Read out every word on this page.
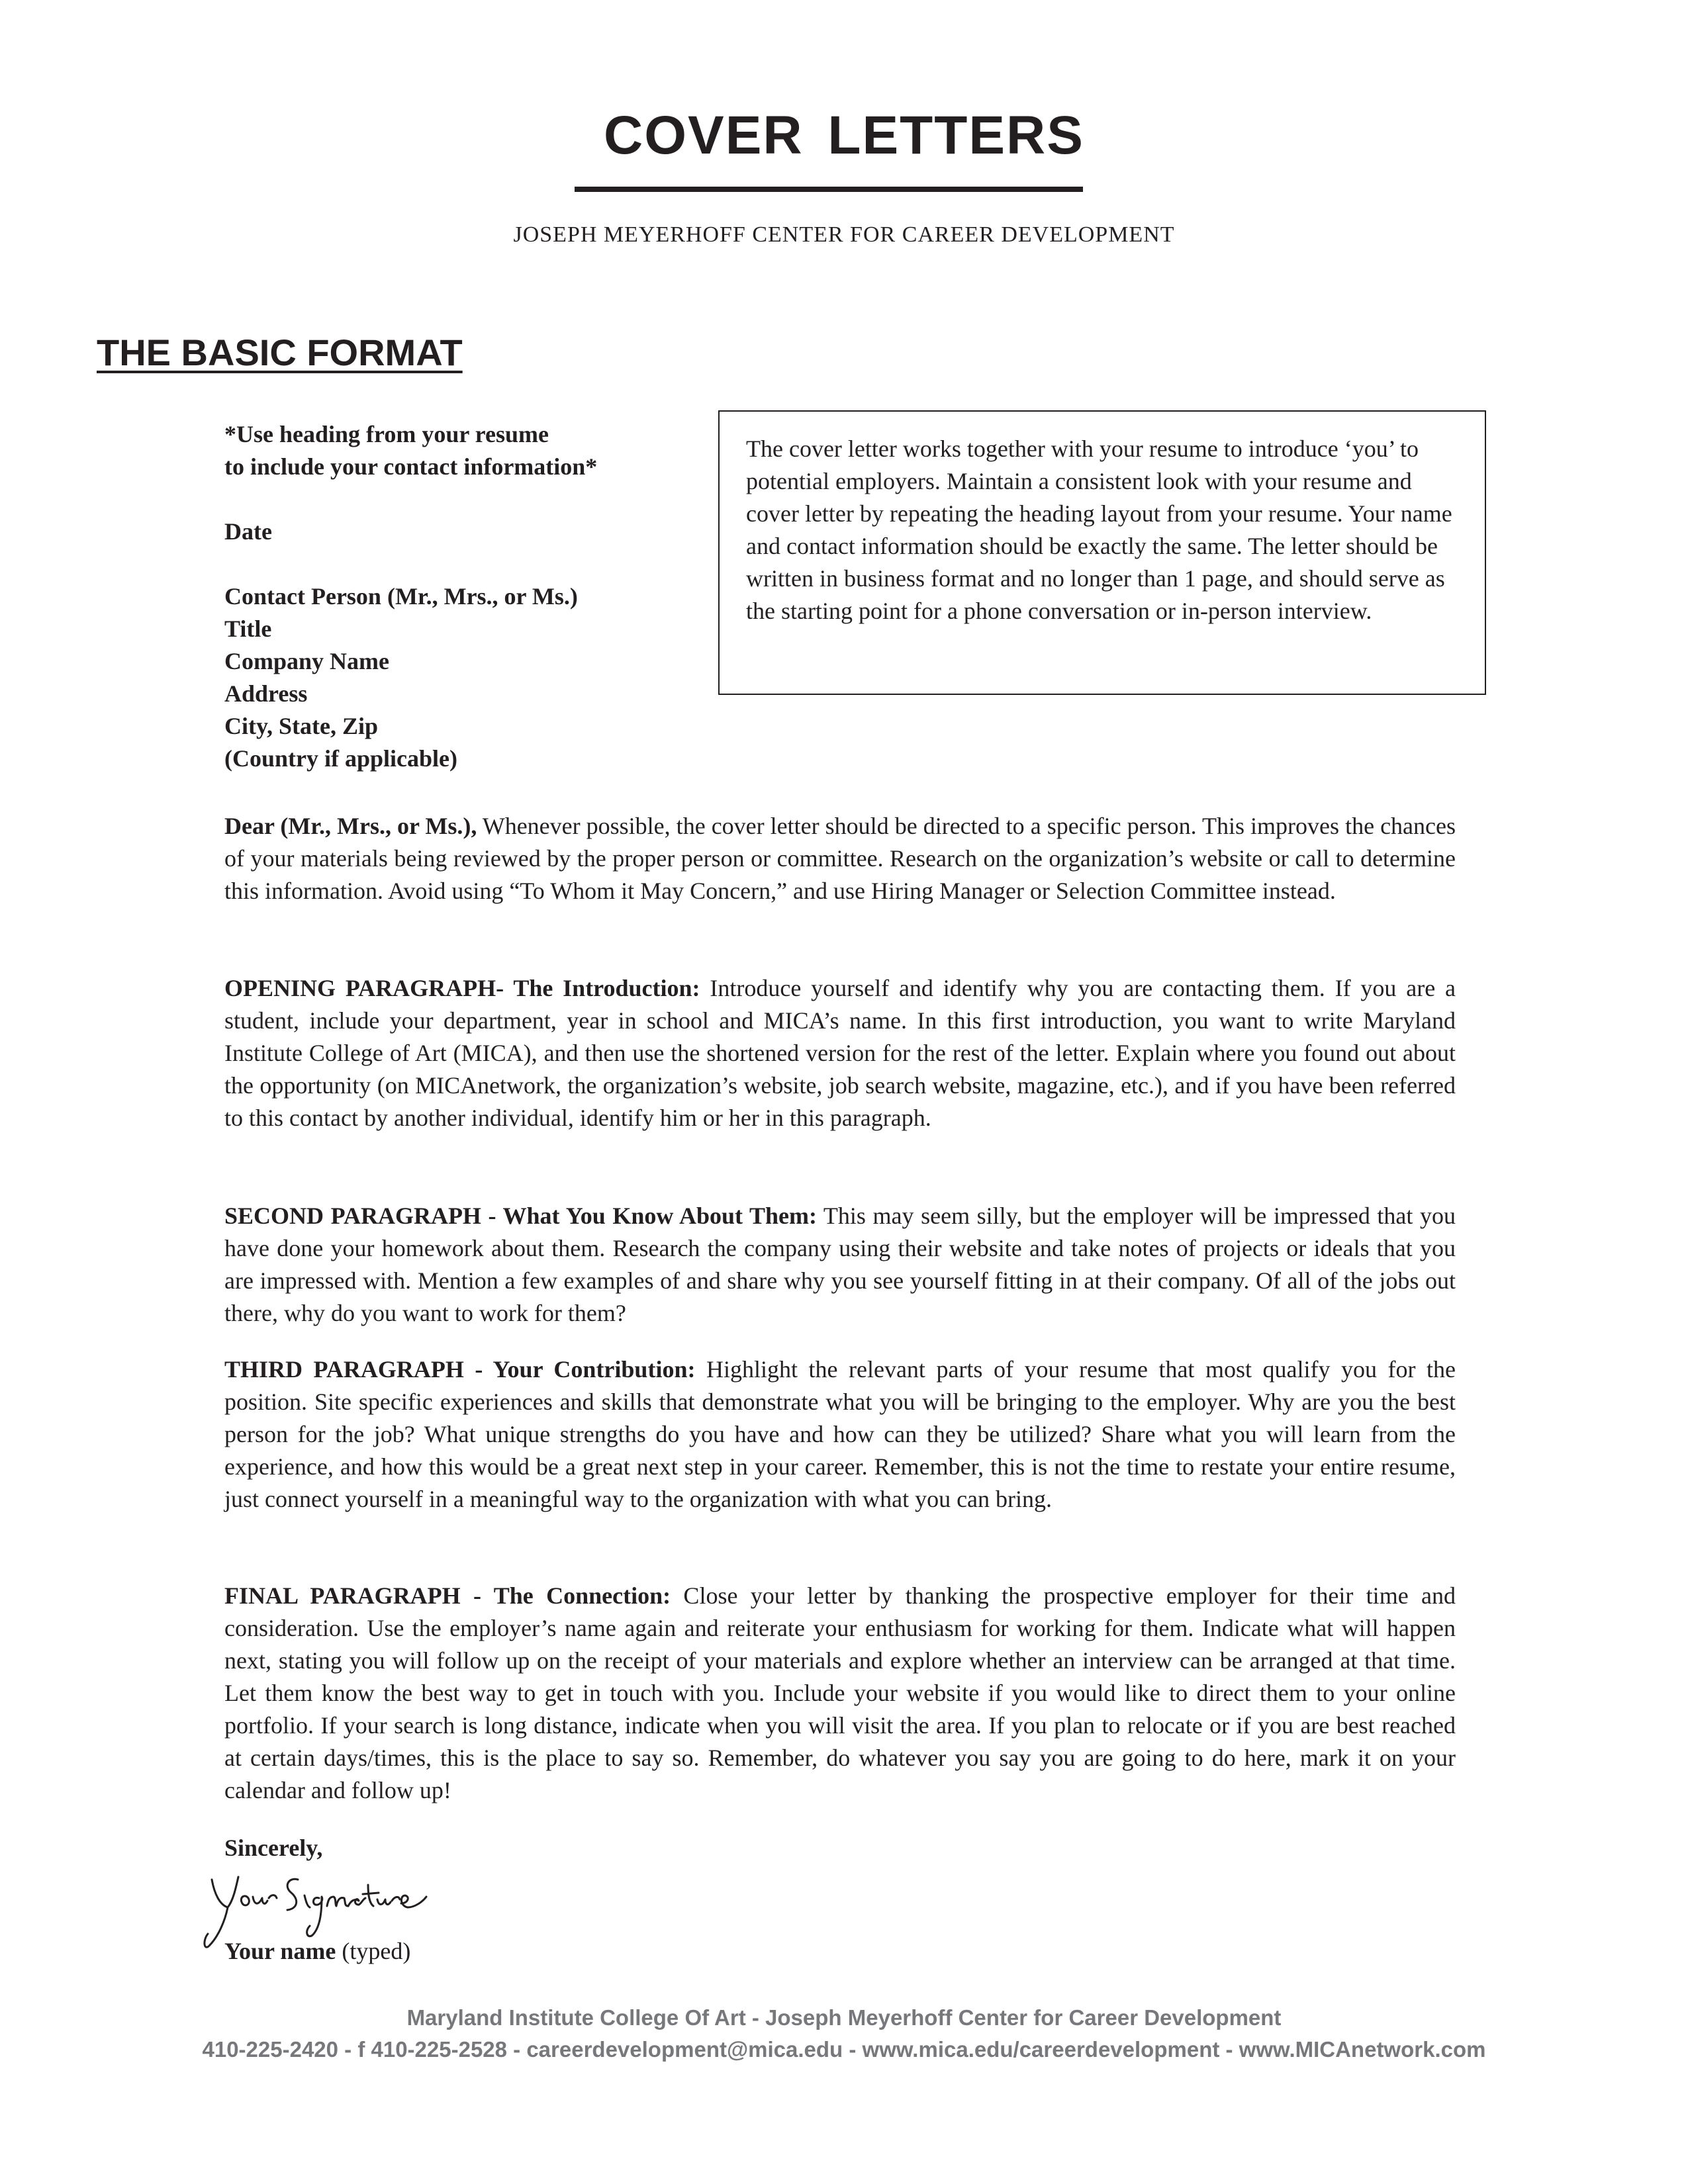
COVER LETTERS

JOSEPH MEYERHOFF CENTER FOR CAREER DEVELOPMENT

THE BASIC FORMAT
*Use heading from your resume
to include your contact information*
Date
Contact Person (Mr., Mrs., or Ms.)
Title
Company Name
Address
City, State, Zip
(Country if applicable)
The cover letter works together with your resume to introduce ‘you’ to potential employers. Maintain a consistent look with your resume and cover letter by repeating the heading layout from your resume. Your name and contact information should be exactly the same. The letter should be written in business format and no longer than 1 page, and should serve as the starting point for a phone conversation or in-person interview.
Dear (Mr., Mrs., or Ms.), Whenever possible, the cover letter should be directed to a specific person. This improves the chances of your materials being reviewed by the proper person or committee. Research on the organization’s website or call to determine this information. Avoid using “To Whom it May Concern,” and use Hiring Manager or Selection Committee instead.
OPENING PARAGRAPH- The Introduction: Introduce yourself and identify why you are contacting them. If you are a student, include your department, year in school and MICA’s name. In this first introduction, you want to write Maryland Institute College of Art (MICA), and then use the shortened version for the rest of the letter. Explain where you found out about the opportunity (on MICAnetwork, the organization’s website, job search website, magazine, etc.), and if you have been referred to this contact by another individual, identify him or her in this paragraph.
SECOND PARAGRAPH - What You Know About Them: This may seem silly, but the employer will be impressed that you have done your homework about them. Research the company using their website and take notes of projects or ideals that you are impressed with. Mention a few examples of and share why you see yourself fitting in at their company. Of all of the jobs out there, why do you want to work for them?
THIRD PARAGRAPH - Your Contribution: Highlight the relevant parts of your resume that most qualify you for the position. Site specific experiences and skills that demonstrate what you will be bringing to the employer. Why are you the best person for the job? What unique strengths do you have and how can they be utilized? Share what you will learn from the experience, and how this would be a great next step in your career. Remember, this is not the time to restate your entire resume, just connect yourself in a meaningful way to the organization with what you can bring.
FINAL PARAGRAPH - The Connection: Close your letter by thanking the prospective employer for their time and consideration. Use the employer’s name again and reiterate your enthusiasm for working for them. Indicate what will happen next, stating you will follow up on the receipt of your materials and explore whether an interview can be arranged at that time. Let them know the best way to get in touch with you. Include your website if you would like to direct them to your online portfolio. If your search is long distance, indicate when you will visit the area. If you plan to relocate or if you are best reached at certain days/times, this is the place to say so. Remember, do whatever you say you are going to do here, mark it on your calendar and follow up!
Sincerely,
Your name (typed)

Maryland Institute College Of Art - Joseph Meyerhoff Center for Career Development

410-225-2420 - f 410-225-2528 - careerdevelopment@mica.edu - www.mica.edu/careerdevelopment - www.MICAnetwork.com
